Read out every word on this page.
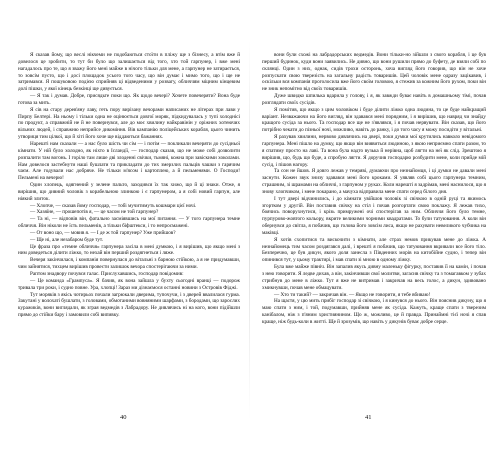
Я сказав йому, що веслі нікчеми не подобаються стоїти в пліжу ще з бізнесу, а втім вже й довелося це зробити, то тут би було що залишається від того, хто той гарпунер, і вже мені нагадалось про те, що я зважу його мені майже в нічого тільки для мене, а гарпунер не затирається, то зовсім пусто, що і досі площадок усього того часу, що він думає і мимо того, що і ще не затримався. Я пошуковою подією сприйняв ці відведеними у розвагу, обличчям міцним кінцевим долі пішки, у якої кінець безкінці ще дивується.

— Я так і думав. Добре, присядьте поки що. Як щодо вечері? Хочете повечеряти? Вона буде готова за мить.

Я сів на стару дерев'яну лаву, геть пору вирізану вечорами написаних не літерах при лави у Пирпу Белтері. На ньому і тільки одна не оцінюється довгої моряк, підкидувалась у тупі холоднісі по продукт, а справжній не й не повернувся, але до моє хвилину найкравінін у оріжних хотеючих вільних людей, і справжню неприйсе дикоміння. Вів кампанію поліцейських корабля, цього чинить утвориця тим цілкої, що й хіті його хоче ще віддаються бажаннях.

Нарешті нам сказали — а нас було шість чи сім — і потім — покликали вечеряти до сусідньої кімнати. У ній було холодно, як ніхто в Ісландії, — господар сказав, що не може собі дозволити розпалити там вогонь. І горіло там лише дві злоденні свічки, тьмяні, кожна при завіскими хоколами. Нам довелося застебнути наші бушлати та прикладати до тих змерзлих пальців чашки з гарячим чаєм. Але годували нас добряче. Не тільки м'ясом і картоплею, а й пельменями. О Господи! Пельмені на вечерю!

Один хлопець, одягнений у зелене пальто, заходився їх так хижо, що й ці знаки. Отже, я вирішив, що дивний чоловік з корабельною злинкою і є гарпунером, а я собі новий гарпун, але ніякий злиток.

— Хлопче, — сказав йому господар, — тобі мучитимуть кошмари цієї ночі.

— Хазяїне, — прошепотів я, — це часом не той гарпунер?

— Та ні, — відповів він, фатально засміявшись на мої питання. — У того гарпунера темне обличчя. Він ніколи не їсть пельменів, а тільки біфштекси, і то непросмажені.

— От воно що, — мовив я. — І де ж той гарпунер? Уже прийшов?

— Ще ні, але незабаром буде тут.

Це фраза про «темне обличчя» гарпунера засіла в мені думкою, і я вирішив, що якщо мені з ним доведеться ділити ліжко, то нехай він перший роздягнеться і ляже.

Вечеря закінчилася, і компанія повернулася до вітальні з барною стійкою, а я не придумавши, чим зайнятися, тихцем вирішив провести залишок вечора спостерігаючи за ними.

Раптом знадвору почувся галас. Прислухавшись, господар повідомив:

— Це команда «Грампуса». Я бачив, як вона зайшла у бухту сьогодні вранці — подорож тривала три роки, і судно повне. Ура, хлопці! Зараз ми дізнаємося останні новини з Островів Фіджі.

Тут моряків з якісь чотирьох почали загрюкали дверима, тупочучи, і з дверей ввалилася гурма. Закутані у волохаті бушлати, з головами, обмотаними вовняними шарфами, з бородами, що зарослих куражиків, вони виглядали, як зграя ведмедів з Лабрадору. Не дивлячись ні на кого, вони підійшли прямо до стійки бару і замовили собі випивку.

40

вони були схожі на лабрадорських ведмедів. Вони тільки-но зійшли з свого корабля, і це був перший будинок, куди вони заявились. Не дивно, що вони рушили прямо до буфету, де взяли собі по склянці. Один з них, однак, сидів трохи осторонь, хоча вигляд його говорив, що він не хоче розпускати свою тверезість на загальну радість товаришів. Цей чоловік мене одразу зацікавив, і оскільки вся компанія проголосила вже його своїм головою, я стежив за кожним його рухом, поки він не зник непомітно від своїх товаришів.

Дуже швидко шпилька вдарила у голову, і я, як завжди буває навіть в домашньому тімі, почав розглядати своїх сусідів.

Я помітив, що якщо з цим чоловіком і буде ділити ліжко одна людина, то це буде найкращий варіант. Незважаючи на його вигляд, він здавався мені порядним, і я вирішив, що навряд чи знайду кращого сусіда за нього. Та господар все ще не з'являвся, і я почав нервувати. Він сказав, що його потрібно чекати до пізньої ночі, можливо, навіть до ранку, і до того часу я можу посидіти у вітальні.

Я рахував хвилини, нервово дивлячись на двері, поки думки мої крутились навколо невідомого гарпунера. Мені пішло на думку, що якщо він виявиться людиною, з якою неприємно спати разом, то я спатиму просто на лаві. Та вона була надто вузька й нерівна, щоб лягти на неї як слід. Зрештою я вирішив, що, будь що буде, а спробую лягти. Я доручив господарю розбудити мене, коли прийде мій сусід, і пішов нагору.

Та сон не йшов. Я довго лежав у темряві, думаючи про незнайомця, і ці думки не давали мені заснути. Кожен звук знизу здавався мені його кроками. Я уявляв собі цього гарпунера темним, страшним, зі шрамами на обличчі, з гарпуном у руках. Коли нарешті я задрімав, мені наснилося, що я знову хлопчиком, і мене покарано, а мачуха відправила мене спати серед білого дня.

І тут двері відчинились, і до кімнати увійшов чоловік зі свічкою в одній руці та якимось згортком у другій. Він поставив свічку на стіл і почав розгортати свою поклажу. Я лежав тихо, боячись поворухнутися, і крізь примружені очі спостерігав за ним. Обличчя його було темне, пурпурово-жовтого кольору, вкрите великими чорними квадратами. То були татуювання. А коли він обернувся до світла, я побачив, що голова його зовсім лиса, якщо не рахувати невеликого чубчика на маківці.

Я хотів схопитися та вискочити з кімнати, але страх немов прикував мене до ліжка. А незнайомець тим часом роздягався далі, і врешті я побачив, що татуювання вкривали все його тіло. Безперечно, це був дикун, якого доля занесла з Південних морів на китобійне судно, і тепер він опинився тут, у цьому трактирі, і мав спати зі мною в одному ліжку.

Була вже майже північ. Він запалив якусь дивну маленьку фігурку, поставив її на камін, і почав з нею говорити. Я ледве дихав, а він, закінчивши свої молитви, загасив свічку та з томагавком у зубах стрибнув до мене в ліжко. Тут я вже не витримав і закричав на весь голос, а дикун, здивовано хмикнувши, почав мене обмацувати.

— Хто ти такий? — закричав він. — Якщо не говорити, я тебе вбиваю!

На щастя, у цю мить прибіг господар зі свічкою, і я кинувся до нього. Він пояснив дикуну, що я маю спати з ним, і той, подумавши, прийняв мене як сусіда. Кажуть, краще спати з тверезим канібалом, ніж з п'яним християнином. Що ж, можливо, це й правда. Принаймні тієї ночі я спав краще, ніж будь-коли в житті. Ще й зрозумів, що навіть у дикунів буває добре серце.

41
